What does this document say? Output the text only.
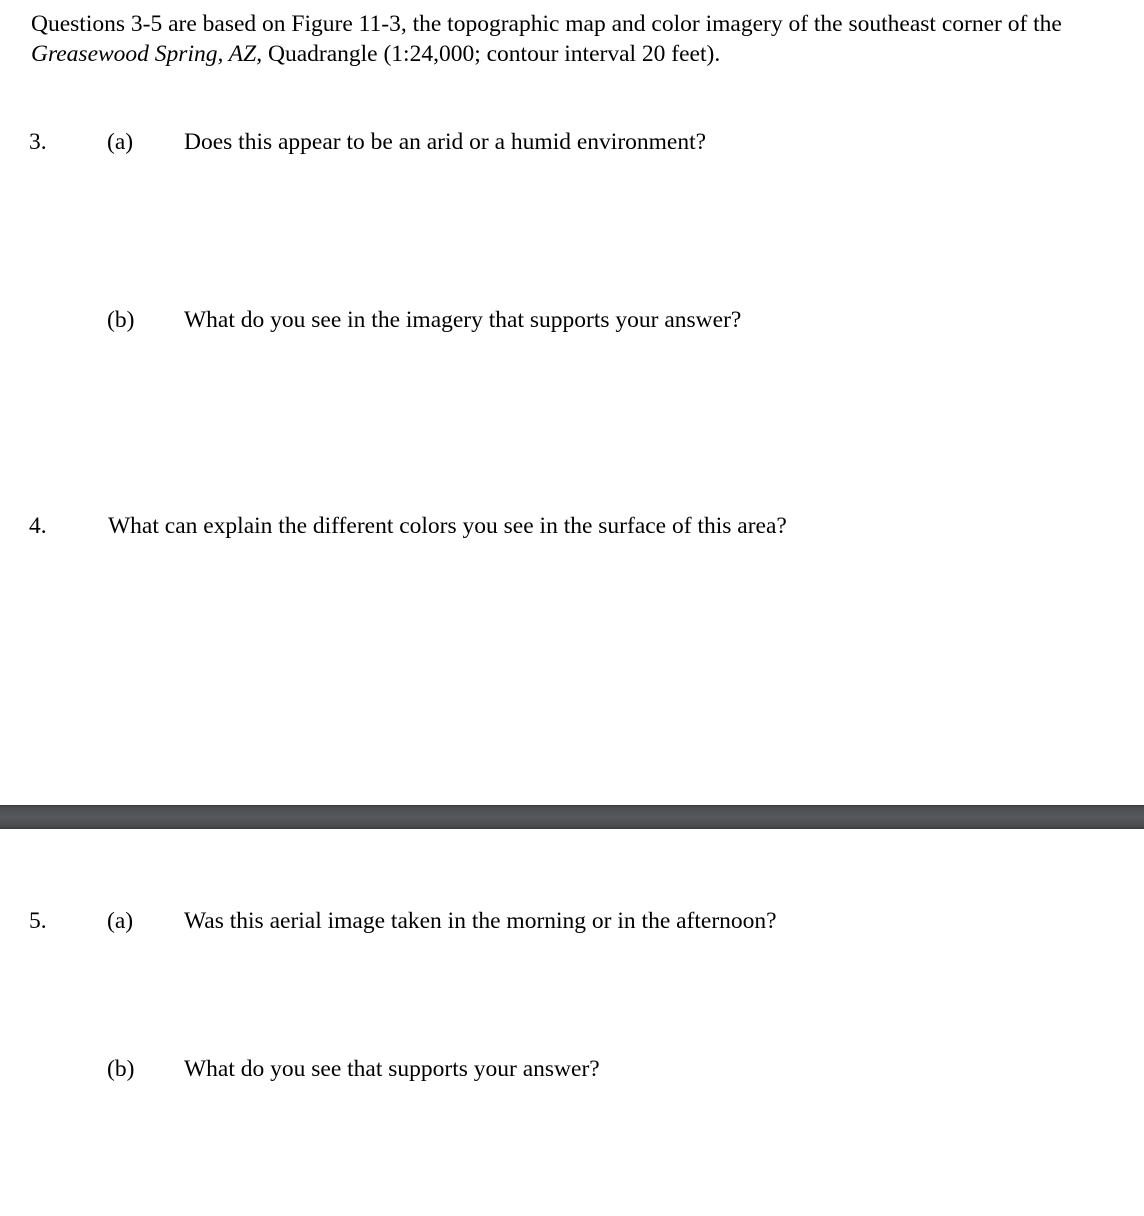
Questions 3-5 are based on Figure 11-3, the topographic map and color imagery of the southeast corner of the Greasewood Spring, AZ, Quadrangle (1:24,000; contour interval 20 feet).

3.	(a) Does this appear to be an arid or a humid environment?
(b) What do you see in the imagery that supports your answer?
4.	What can explain the different colors you see in the surface of this area?
5.	(a) Was this aerial image taken in the morning or in the afternoon?
(b) What do you see that supports your answer?
